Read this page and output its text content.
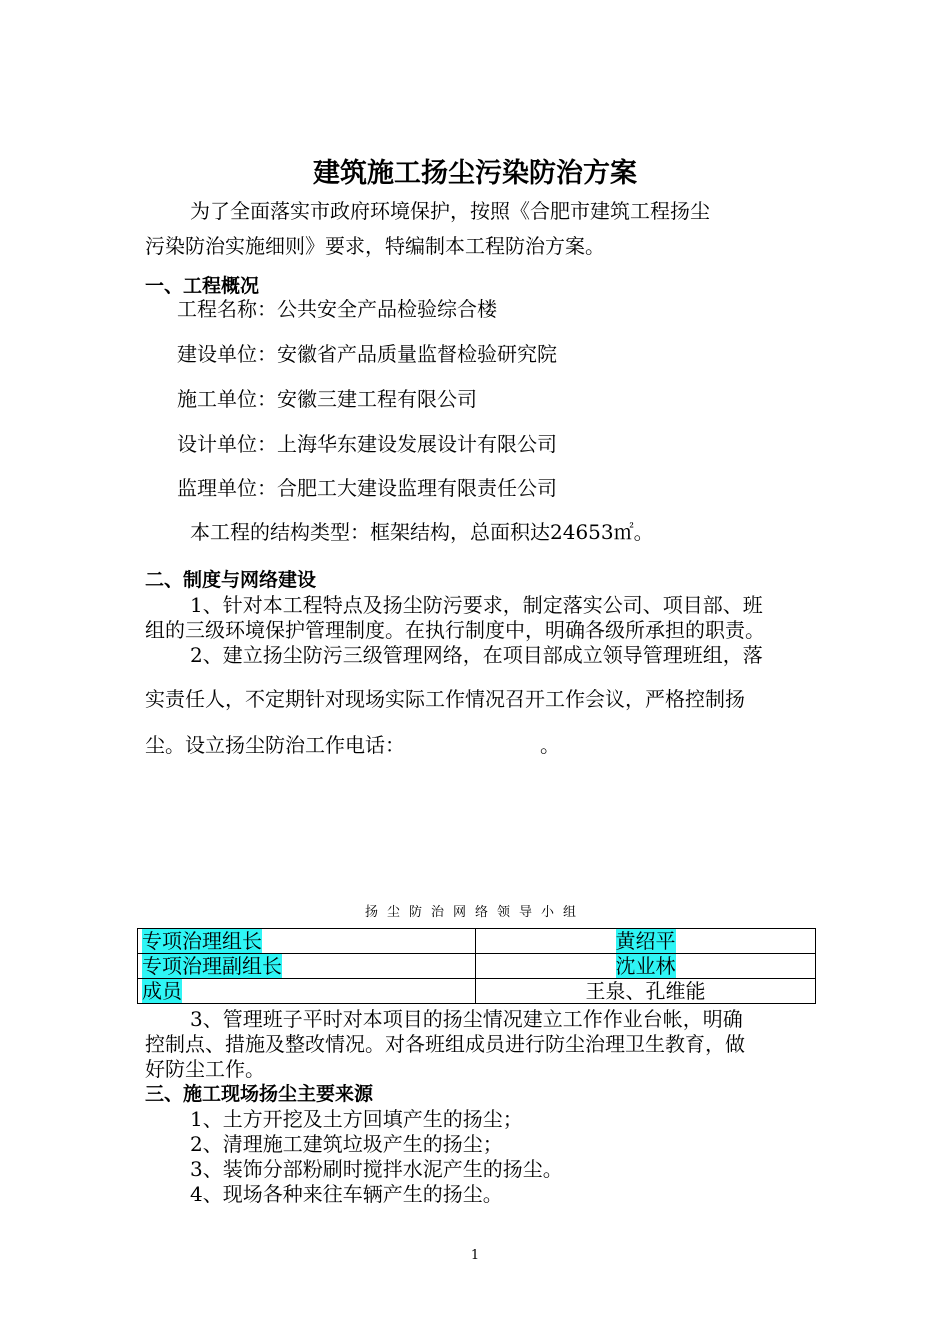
建筑施工扬尘污染防治方案
为了全面落实市政府环境保护，按照《合肥市建筑工程扬尘
污染防治实施细则》要求，特编制本工程防治方案。
一、工程概况
工程名称：公共安全产品检验综合楼
建设单位：安徽省产品质量监督检验研究院
施工单位：安徽三建工程有限公司
设计单位：上海华东建设发展设计有限公司
监理单位：合肥工大建设监理有限责任公司
本工程的结构类型：框架结构，总面积达24653㎡。
二、制度与网络建设
1、针对本工程特点及扬尘防污要求，制定落实公司、项目部、班
组的三级环境保护管理制度。在执行制度中，明确各级所承担的职责。
2、建立扬尘防污三级管理网络，在项目部成立领导管理班组，落
实责任人，不定期针对现场实际工作情况召开工作会议，严格控制扬
尘。设立扬尘防治工作电话：	。
扬尘防治网络领导小组
专项治理组长	黄绍平
专项治理副组长	沈业林
成员	王泉、孔维能
3、管理班子平时对本项目的扬尘情况建立工作作业台帐，明确
控制点、措施及整改情况。对各班组成员进行防尘治理卫生教育，做
好防尘工作。
三、施工现场扬尘主要来源
1、土方开挖及土方回填产生的扬尘；
2、清理施工建筑垃圾产生的扬尘；
3、装饰分部粉刷时搅拌水泥产生的扬尘。
4、现场各种来往车辆产生的扬尘。
1
